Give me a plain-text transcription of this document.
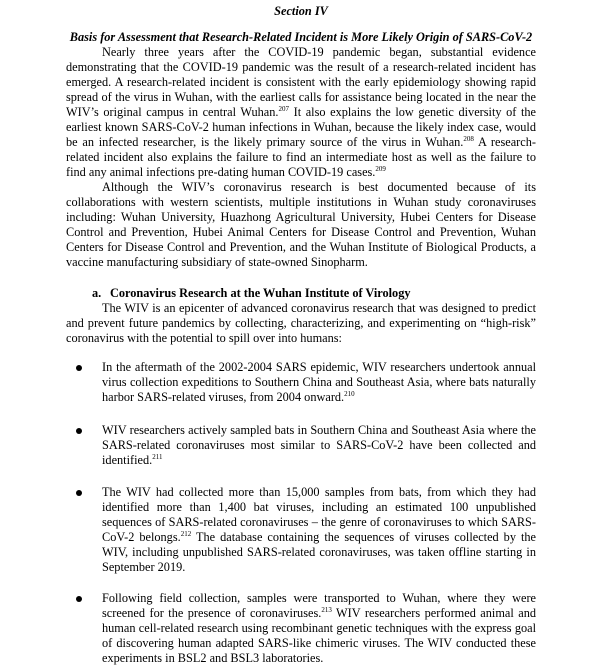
Section IV
Basis for Assessment that Research-Related Incident is More Likely Origin of SARS-CoV-2

Nearly three years after the COVID-19 pandemic began, substantial evidence demonstrating that the COVID-19 pandemic was the result of a research-related incident has emerged. A research-related incident is consistent with the early epidemiology showing rapid spread of the virus in Wuhan, with the earliest calls for assistance being located in the near the WIV’s original campus in central Wuhan.$^{207}$ It also explains the low genetic diversity of the earliest known SARS-CoV-2 human infections in Wuhan, because the likely index case, would be an infected researcher, is the likely primary source of the virus in Wuhan.$^{208}$ A research-related incident also explains the failure to find an intermediate host as well as the failure to find any animal infections pre-dating human COVID-19 cases.$^{209}$

Although the WIV’s coronavirus research is best documented because of its collaborations with western scientists, multiple institutions in Wuhan study coronaviruses including: Wuhan University, Huazhong Agricultural University, Hubei Centers for Disease Control and Prevention, Hubei Animal Centers for Disease Control and Prevention, Wuhan Centers for Disease Control and Prevention, and the Wuhan Institute of Biological Products, a vaccine manufacturing subsidiary of state-owned Sinopharm.

a. Coronavirus Research at the Wuhan Institute of Virology

The WIV is an epicenter of advanced coronavirus research that was designed to predict and prevent future pandemics by collecting, characterizing, and experimenting on “high-risk” coronavirus with the potential to spill over into humans:

In the aftermath of the 2002-2004 SARS epidemic, WIV researchers undertook annual virus collection expeditions to Southern China and Southeast Asia, where bats naturally harbor SARS-related viruses, from 2004 onward.$^{210}$
WIV researchers actively sampled bats in Southern China and Southeast Asia where the SARS-related coronaviruses most similar to SARS-CoV-2 have been collected and identified.$^{211}$
The WIV had collected more than 15,000 samples from bats, from which they had identified more than 1,400 bat viruses, including an estimated 100 unpublished sequences of SARS-related coronaviruses – the genre of coronaviruses to which SARS-CoV-2 belongs.$^{212}$ The database containing the sequences of viruses collected by the WIV, including unpublished SARS-related coronaviruses, was taken offline starting in September 2019.
Following field collection, samples were transported to Wuhan, where they were screened for the presence of coronaviruses.$^{213}$ WIV researchers performed animal and human cell-related research using recombinant genetic techniques with the express goal of discovering human adapted SARS-like chimeric viruses. The WIV conducted these experiments in BSL2 and BSL3 laboratories.
